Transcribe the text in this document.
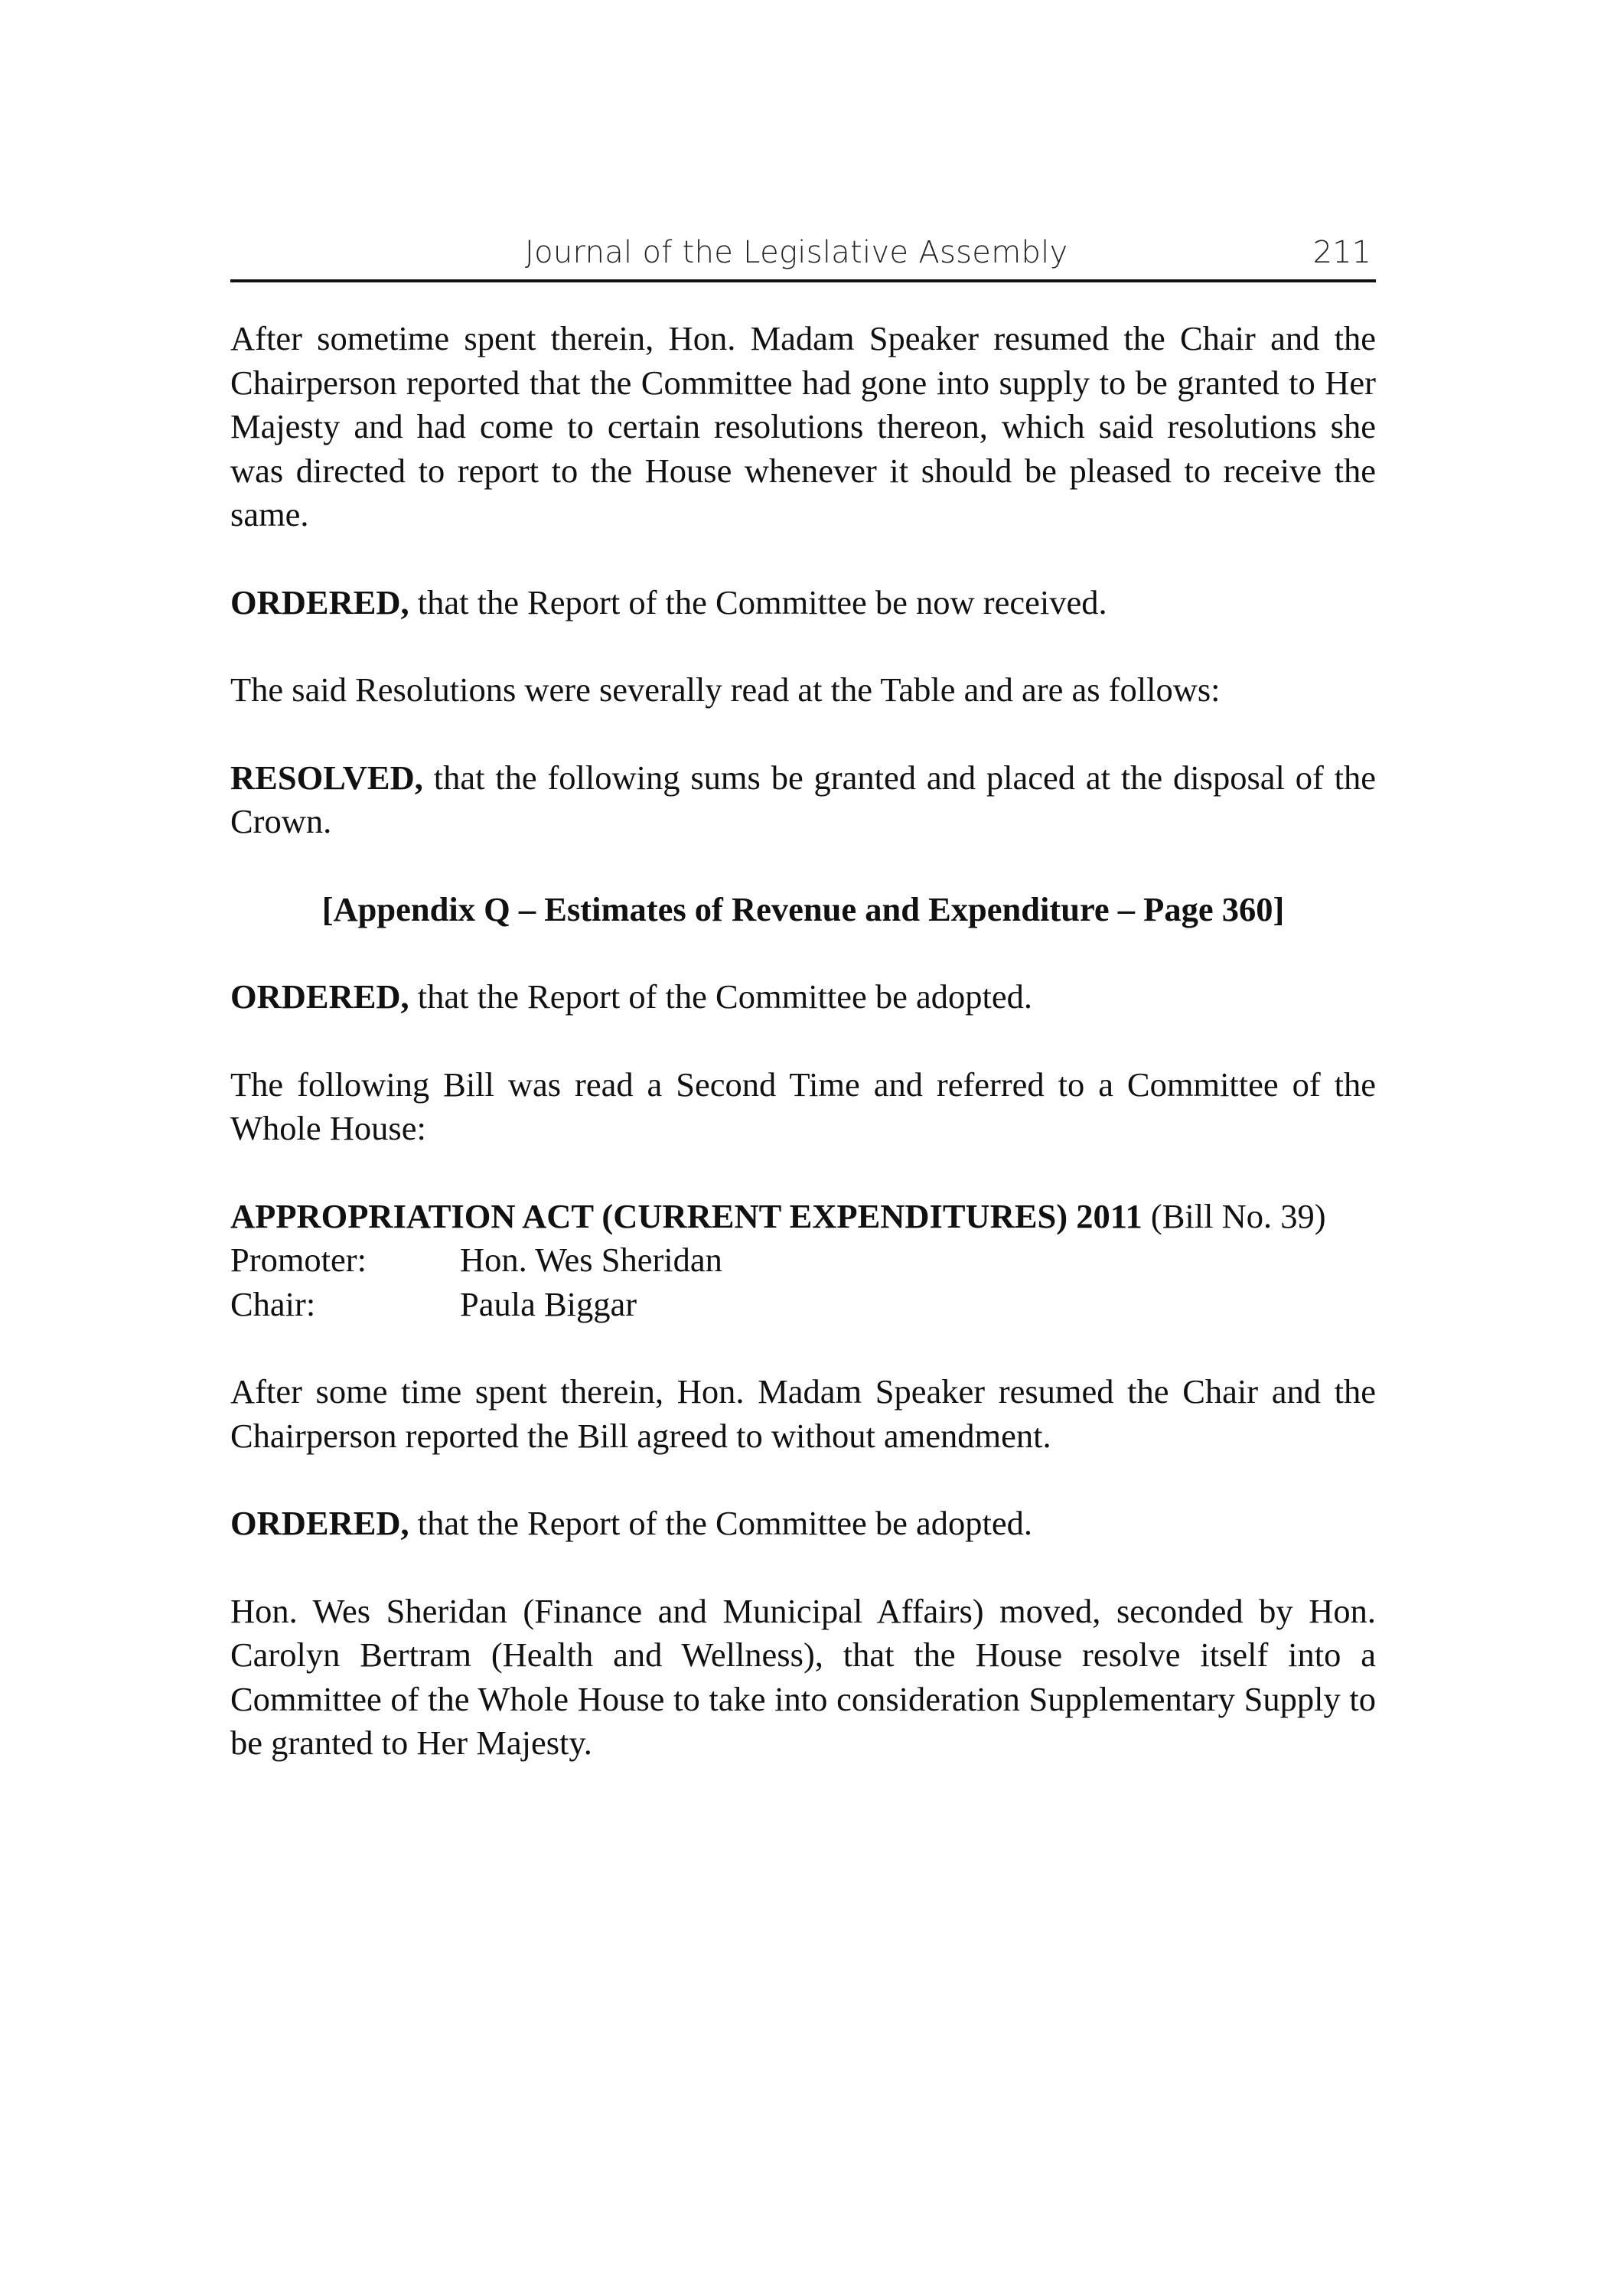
Journal of the Legislative Assembly	211

After sometime spent therein, Hon. Madam Speaker resumed the Chair and the Chairperson reported that the Committee had gone into supply to be granted to Her Majesty and had come to certain resolutions thereon, which said resolutions she was directed to report to the House whenever it should be pleased to receive the same.

ORDERED, that the Report of the Committee be now received.

The said Resolutions were severally read at the Table and are as follows:

RESOLVED, that the following sums be granted and placed at the disposal of the Crown.

[Appendix Q – Estimates of Revenue and Expenditure – Page 360]

ORDERED, that the Report of the Committee be adopted.

The following Bill was read a Second Time and referred to a Committee of the Whole House:

APPROPRIATION ACT (CURRENT EXPENDITURES) 2011 (Bill No. 39)

Promoter:	Hon. Wes Sheridan
Chair:	Paula Biggar

After some time spent therein, Hon. Madam Speaker resumed the Chair and the Chairperson reported the Bill agreed to without amendment.

ORDERED, that the Report of the Committee be adopted.

Hon. Wes Sheridan (Finance and Municipal Affairs) moved, seconded by Hon. Carolyn Bertram (Health and Wellness), that the House resolve itself into a Committee of the Whole House to take into consideration Supplementary Supply to be granted to Her Majesty.
